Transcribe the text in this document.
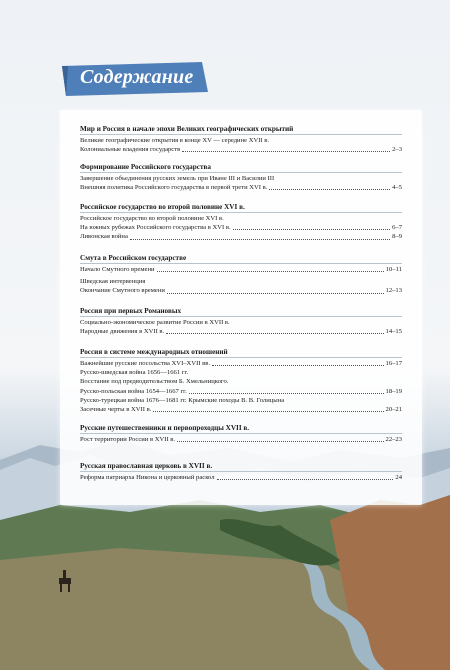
Содержание
Мир и Россия в начале эпохи Великих географических открытий
Великие географические открытия в конце XV — середине XVII в.
Колониальные владения государств	2–3
Формирование Российского государства
Завершение объединения русских земель при Иване III и Василии III
Внешняя политика Российского государства в первой трети XVI в.	4–5
Российское государство во второй половине XVI в.
Российское государство во второй половине XVI в.
На южных рубежах Российского государства в XVI в.	6–7
Ливонская война	8–9
Смута в Российском государстве
Начало Смутного времени	10–11
Шведская интервенция
Окончание Смутного времени	12–13
Россия при первых Романовых
Социально-экономическое развитие России в XVII в.
Народные движения в XVII в.	14–15
Россия в системе международных отношений
Важнейшие русские посольства XVI–XVII вв.	16–17
Русско-шведская война 1656—1661 гг.
Восстание под предводительством Б. Хмельницкого.
Русско-польская война 1654—1667 гг.	18–19
Русско-турецкая война 1676—1681 гг. Крымские походы В. В. Голицына
Засечные черты в XVII в.	20–21
Русские путешественники и первопроходцы XVII в.
Рост территории России в XVII в.	22–23
Русская православная церковь в XVII в.
Реформа патриарха Никона и церковный раскол	24
